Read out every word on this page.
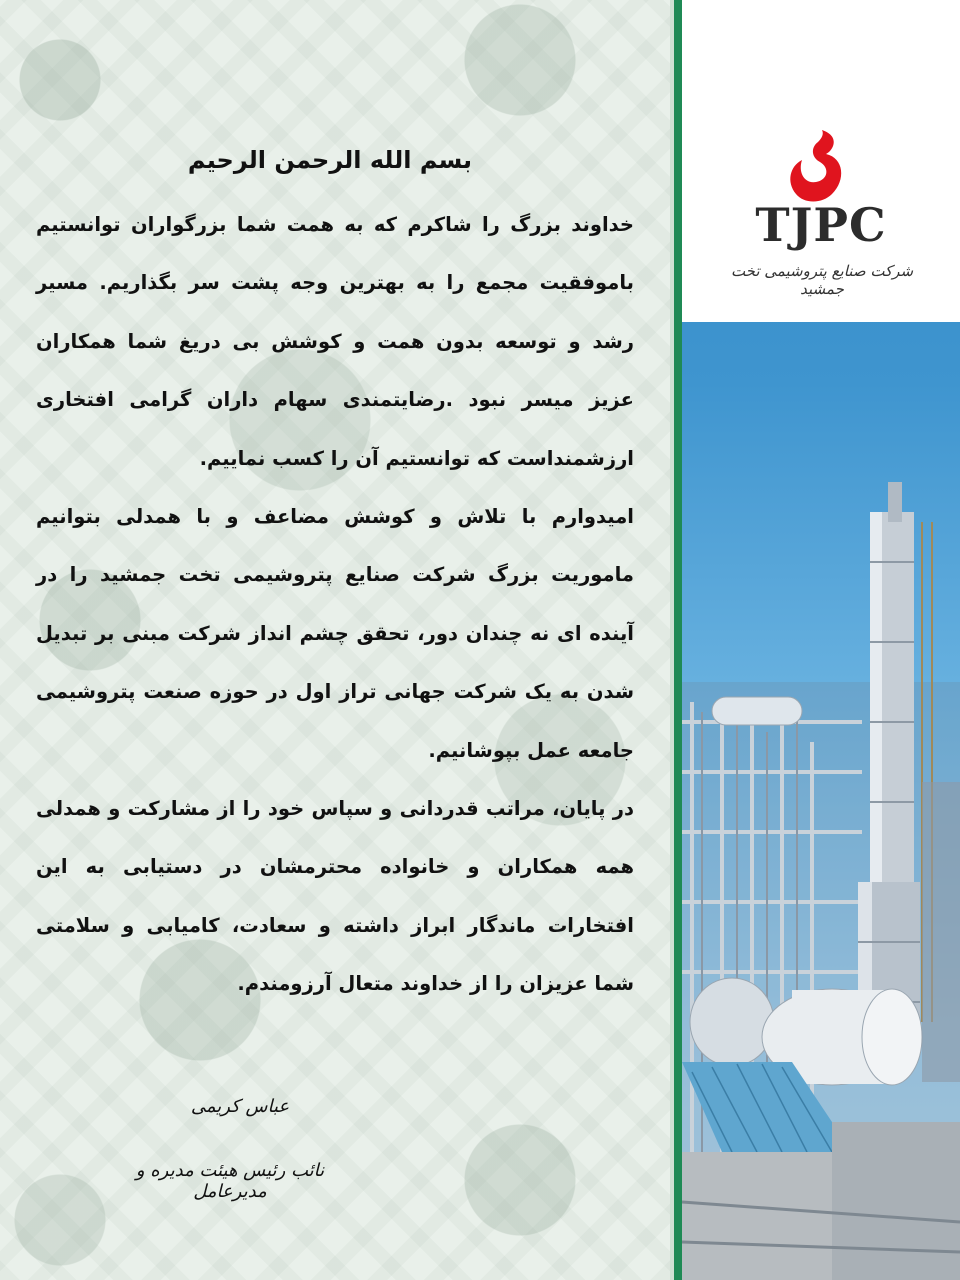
بسم الله الرحمن الرحیم

خداوند بزرگ را شاکرم که به همت شما بزرگواران توانستیم باموفقیت مجمع را به بهترین وجه پشت سر بگذاریم. مسیر رشد و توسعه بدون همت و کوشش بی دریغ شما همکاران عزیز میسر نبود .رضایتمندی سهام داران گرامی افتخاری ارزشمنداست که توانستیم آن را کسب نماییم.

امیدوارم با تلاش و کوشش مضاعف و با همدلی بتوانیم ماموریت بزرگ شرکت صنایع پتروشیمی تخت جمشید را در آینده ای نه چندان دور، تحقق چشم انداز شرکت مبنی بر تبدیل شدن به یک شرکت جهانی تراز اول در حوزه صنعت پتروشیمی جامعه عمل بپوشانیم.

در پایان، مراتب قدردانی و سپاس خود را از مشارکت و همدلی همه همکاران و خانواده محترمشان در دستیابی به این افتخارات ماندگار ابراز داشته و سعادت، کامیابی و سلامتی شما عزیزان را از خداوند متعال آرزومندم.

عباس کریمی
نائب رئیس هیئت مدیره و مدیرعامل
TJPC
شرکت صنایع پتروشیمی تخت جمشید
